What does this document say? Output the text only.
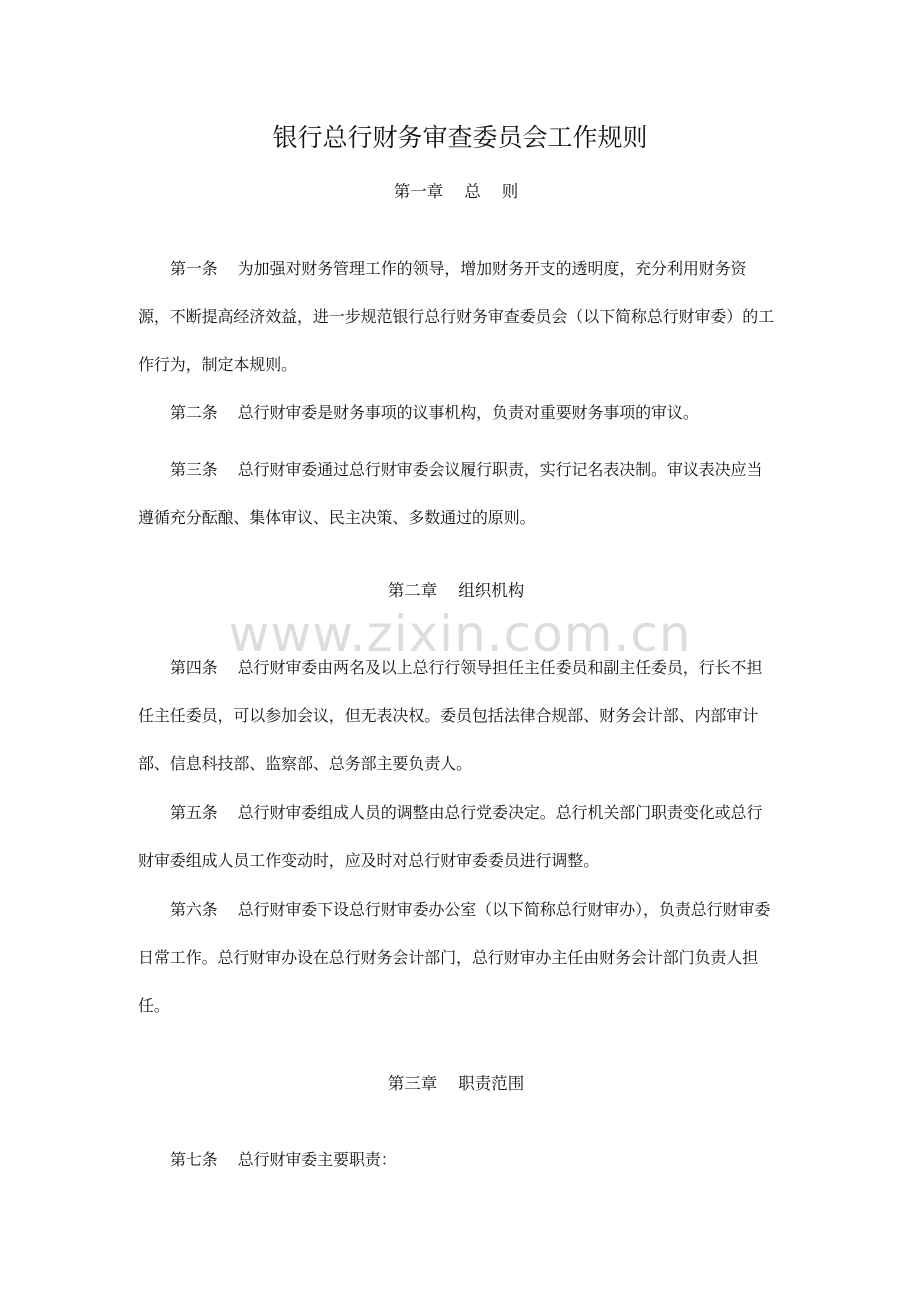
银行总行财务审查委员会工作规则
第一章    总    则
第一条    为加强对财务管理工作的领导，增加财务开支的透明度，充分利用财务资源，不断提高经济效益，进一步规范银行总行财务审查委员会（以下简称总行财审委）的工作行为，制定本规则。
第二条    总行财审委是财务事项的议事机构，负责对重要财务事项的审议。
第三条    总行财审委通过总行财审委会议履行职责，实行记名表决制。审议表决应当遵循充分酝酿、集体审议、民主决策、多数通过的原则。
第二章    组织机构
www.zixin.com.cn
第四条    总行财审委由两名及以上总行行领导担任主任委员和副主任委员，行长不担任主任委员，可以参加会议，但无表决权。委员包括法律合规部、财务会计部、内部审计部、信息科技部、监察部、总务部主要负责人。
第五条    总行财审委组成人员的调整由总行党委决定。总行机关部门职责变化或总行财审委组成人员工作变动时，应及时对总行财审委委员进行调整。
第六条    总行财审委下设总行财审委办公室（以下简称总行财审办），负责总行财审委日常工作。总行财审办设在总行财务会计部门，总行财审办主任由财务会计部门负责人担任。
第三章    职责范围
第七条    总行财审委主要职责：
